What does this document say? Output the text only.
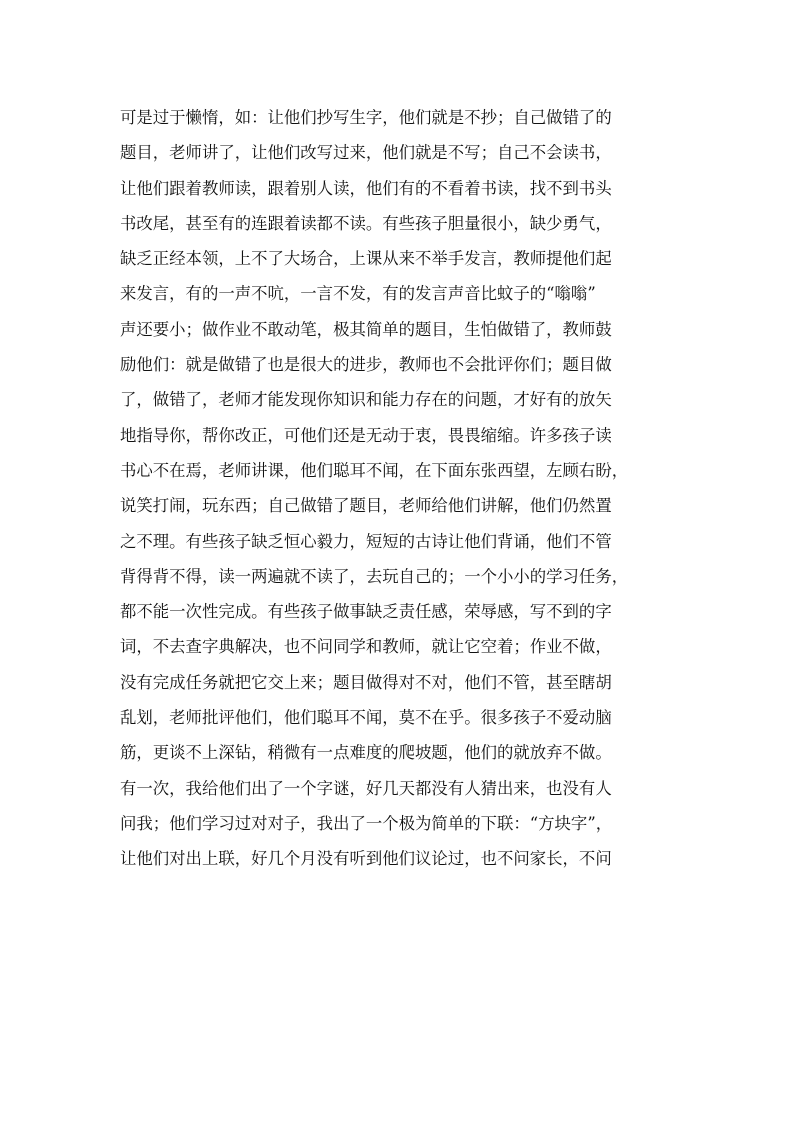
可是过于懒惰，如：让他们抄写生字，他们就是不抄；自己做错了的
题目，老师讲了，让他们改写过来，他们就是不写；自己不会读书，
让他们跟着教师读，跟着别人读，他们有的不看着书读，找不到书头
书改尾，甚至有的连跟着读都不读。有些孩子胆量很小，缺少勇气，
缺乏正经本领，上不了大场合，上课从来不举手发言，教师提他们起
来发言，有的一声不吭，一言不发，有的发言声音比蚊子的“嗡嗡”
声还要小；做作业不敢动笔，极其简单的题目，生怕做错了，教师鼓
励他们：就是做错了也是很大的进步，教师也不会批评你们；题目做
了，做错了，老师才能发现你知识和能力存在的问题，才好有的放矢
地指导你，帮你改正，可他们还是无动于衷，畏畏缩缩。许多孩子读
书心不在焉，老师讲课，他们聪耳不闻，在下面东张西望，左顾右盼，
说笑打闹，玩东西；自己做错了题目，老师给他们讲解，他们仍然置
之不理。有些孩子缺乏恒心毅力，短短的古诗让他们背诵，他们不管
背得背不得，读一两遍就不读了，去玩自己的；一个小小的学习任务，
都不能一次性完成。有些孩子做事缺乏责任感，荣辱感，写不到的字
词，不去查字典解决，也不问同学和教师，就让它空着；作业不做，
没有完成任务就把它交上来；题目做得对不对，他们不管，甚至瞎胡
乱划，老师批评他们，他们聪耳不闻，莫不在乎。很多孩子不爱动脑
筋，更谈不上深钻，稍微有一点难度的爬坡题，他们的就放弃不做。
有一次，我给他们出了一个字谜，好几天都没有人猜出来，也没有人
问我；他们学习过对对子，我出了一个极为简单的下联：“方块字”，
让他们对出上联，好几个月没有听到他们议论过，也不问家长，不问
